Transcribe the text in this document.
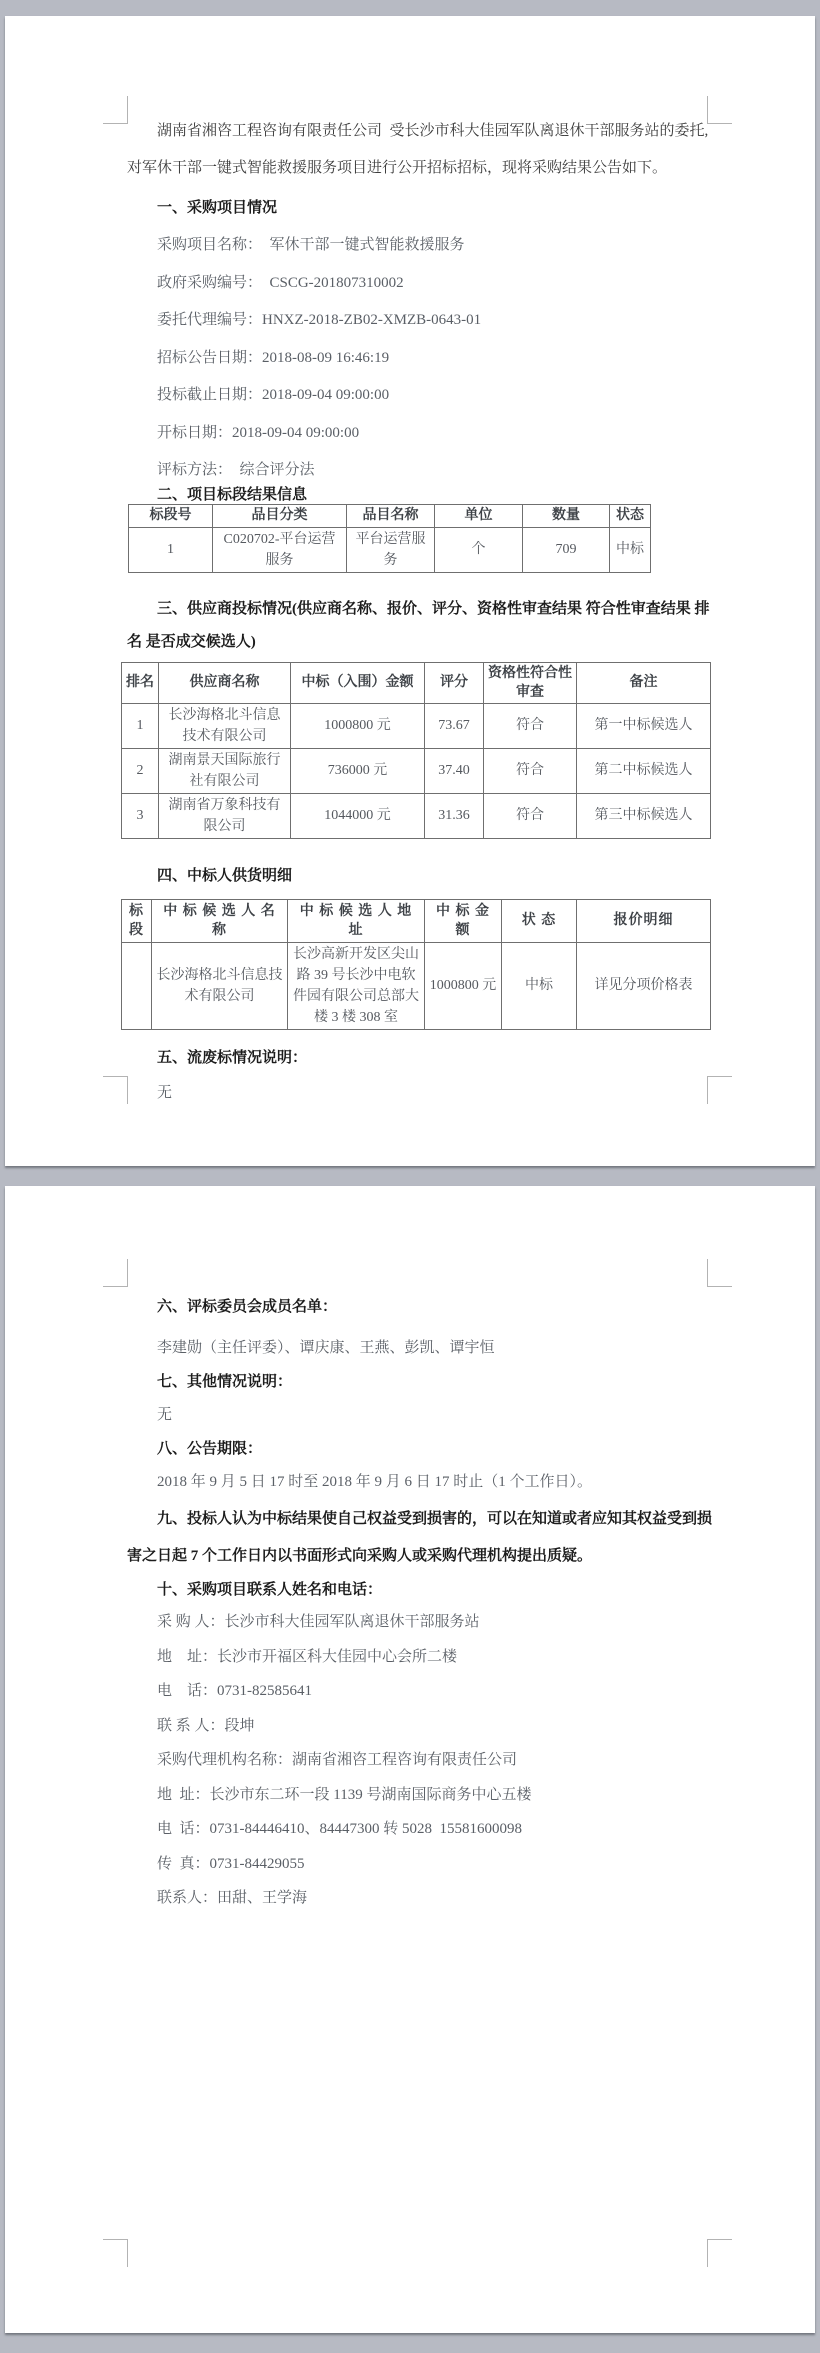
湖南省湘咨工程咨询有限责任公司  受长沙市科大佳园军队离退休干部服务站的委托, 对军休干部一键式智能救援服务项目进行公开招标招标，现将采购结果公告如下。

一、采购项目情况

采购项目名称：  军休干部一键式智能救援服务

政府采购编号：  CSCG-201807310002

委托代理编号：HNXZ-2018-ZB02-XMZB-0643-01

招标公告日期：2018-08-09 16:46:19

投标截止日期：2018-09-04 09:00:00

开标日期：2018-09-04 09:00:00

评标方法：  综合评分法

二、项目标段结果信息
标段号	品目分类	品目名称	单位	数量	状态
1	C020702-平台运营服务	平台运营服务	个	709	中标
三、供应商投标情况(供应商名称、报价、评分、资格性审查结果 符合性审查结果 排名 是否成交候选人)
排名	供应商名称	中标（入围）金额	评分	资格性符合性审查	备注
1	长沙海格北斗信息技术有限公司	1000800 元	73.67	符合	第一中标候选人
2	湖南景天国际旅行社有限公司	736000 元	37.40	符合	第二中标候选人
3	湖南省万象科技有限公司	1044000 元	31.36	符合	第三中标候选人
四、中标人供货明细
标段	中 标 候 选 人 名 称	中 标 候 选 人 地 址	中 标 金 额	状 态	报价明细
	长沙海格北斗信息技术有限公司	长沙高新开发区尖山路 39 号长沙中电软件园有限公司总部大楼 3 楼 308 室	1000800 元	中标	详见分项价格表
五、流废标情况说明：

无

六、评标委员会成员名单：

李建勋（主任评委）、谭庆康、王燕、彭凯、谭宇恒

七、其他情况说明：

无

八、公告期限：

2018 年 9 月 5 日 17 时至 2018 年 9 月 6 日 17 时止（1 个工作日）。

九、投标人认为中标结果使自己权益受到损害的，可以在知道或者应知其权益受到损害之日起 7 个工作日内以书面形式向采购人或采购代理机构提出质疑。
十、采购项目联系人姓名和电话：

采 购 人：长沙市科大佳园军队离退休干部服务站

地    址：长沙市开福区科大佳园中心会所二楼

电    话：0731-82585641

联 系 人：段坤

采购代理机构名称：湖南省湘咨工程咨询有限责任公司

地  址：长沙市东二环一段 1139 号湖南国际商务中心五楼

电  话：0731-84446410、84447300 转 5028  15581600098

传  真：0731-84429055

联系人：田甜、王学海
